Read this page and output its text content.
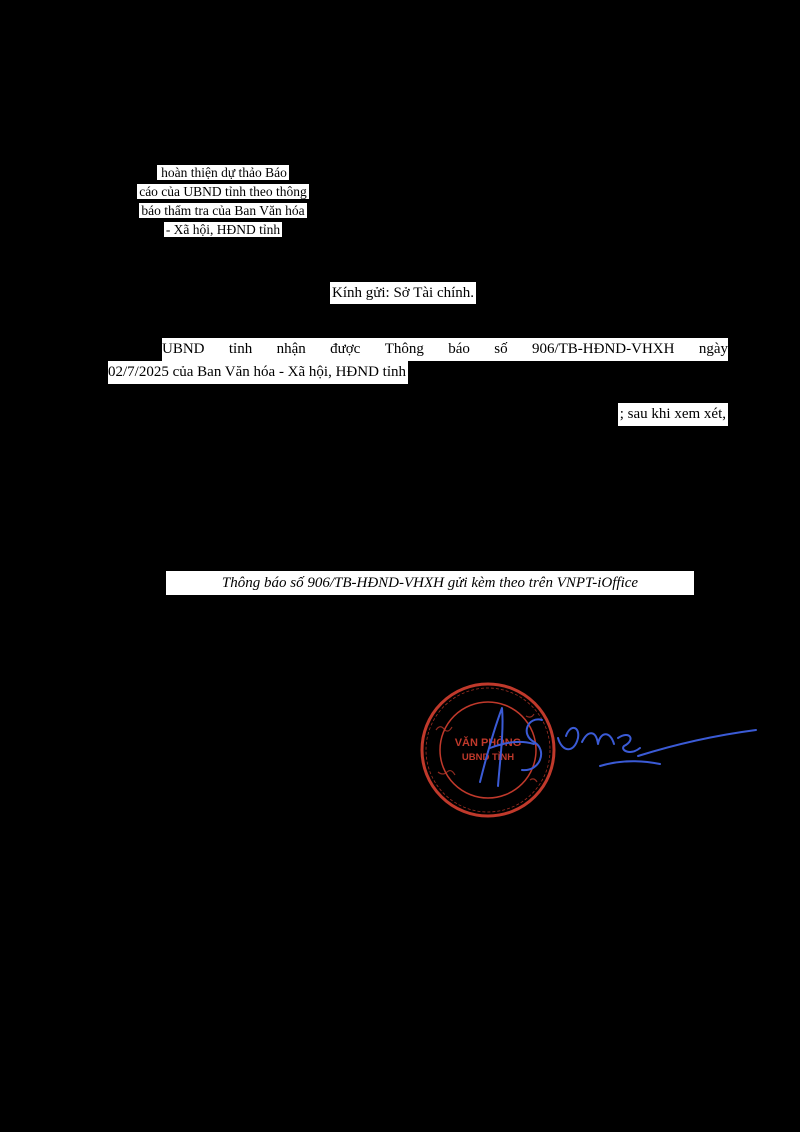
hoàn thiện dự thảo Báo
cáo của UBND tỉnh theo thông
báo thẩm tra của Ban Văn hóa
- Xã hội, HĐND tỉnh
Kính gửi: Sở Tài chính.
UBND tỉnh nhận được Thông báo số 906/TB-HĐND-VHXH ngày
02/7/2025 của Ban Văn hóa - Xã hội, HĐND tỉnh
; sau khi xem xét,
Thông báo số 906/TB-HĐND-VHXH gửi kèm theo trên VNPT-iOffice
VĂN PHÒNG
UBND TỈNH
